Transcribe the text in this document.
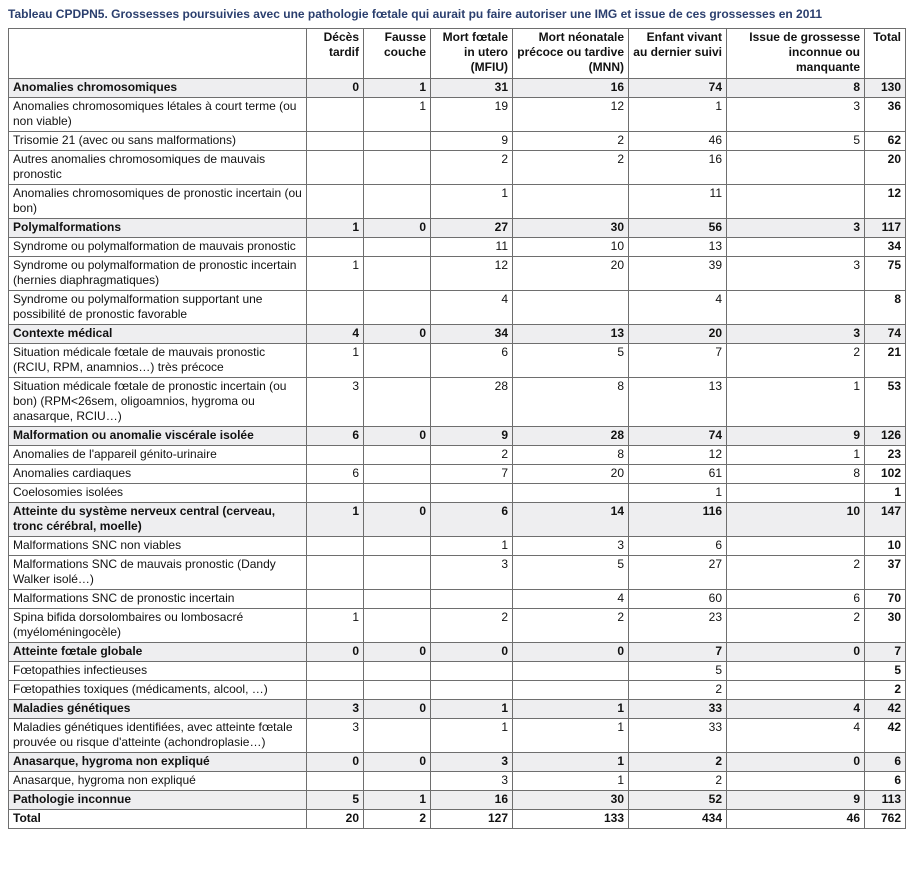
Tableau CPDPN5. Grossesses poursuivies avec une pathologie fœtale qui aurait pu faire autoriser une IMG et issue de ces grossesses en 2011
	Décès tardif	Fausse couche	Mort fœtale in utero (MFIU)	Mort néonatale précoce ou tardive (MNN)	Enfant vivant au dernier suivi	Issue de grossesse inconnue ou manquante	Total
Anomalies chromosomiques	0	1	31	16	74	8	130
Anomalies chromosomiques létales à court terme (ou non viable)		1	19	12	1	3	36
Trisomie 21 (avec ou sans malformations)			9	2	46	5	62
Autres anomalies chromosomiques de mauvais pronostic			2	2	16		20
Anomalies chromosomiques de pronostic incertain (ou bon)			1		11		12
Polymalformations	1	0	27	30	56	3	117
Syndrome ou polymalformation de mauvais pronostic			11	10	13		34
Syndrome ou polymalformation de pronostic incertain (hernies diaphragmatiques)	1		12	20	39	3	75
Syndrome ou polymalformation supportant une possibilité de pronostic favorable			4		4		8
Contexte médical	4	0	34	13	20	3	74
Situation médicale fœtale de mauvais pronostic (RCIU, RPM, anamnios…) très précoce	1		6	5	7	2	21
Situation médicale fœtale de pronostic incertain (ou bon) (RPM<26sem, oligoamnios, hygroma ou anasarque, RCIU…)	3		28	8	13	1	53
Malformation ou anomalie viscérale isolée	6	0	9	28	74	9	126
Anomalies de l'appareil génito-urinaire			2	8	12	1	23
Anomalies cardiaques	6		7	20	61	8	102
Coelosomies isolées					1		1
Atteinte du système nerveux central (cerveau, tronc cérébral, moelle)	1	0	6	14	116	10	147
Malformations SNC non viables			1	3	6		10
Malformations SNC de mauvais pronostic (Dandy Walker isolé…)			3	5	27	2	37
Malformations SNC de pronostic incertain				4	60	6	70
Spina bifida dorsolombaires ou lombosacré (myéloméningocèle)	1		2	2	23	2	30
Atteinte fœtale globale	0	0	0	0	7	0	7
Fœtopathies infectieuses					5		5
Fœtopathies toxiques (médicaments, alcool, …)					2		2
Maladies génétiques	3	0	1	1	33	4	42
Maladies génétiques identifiées, avec atteinte fœtale prouvée ou risque d'atteinte (achondroplasie…)	3		1	1	33	4	42
Anasarque, hygroma non expliqué	0	0	3	1	2	0	6
Anasarque, hygroma non expliqué			3	1	2		6
Pathologie inconnue	5	1	16	30	52	9	113
Total	20	2	127	133	434	46	762
